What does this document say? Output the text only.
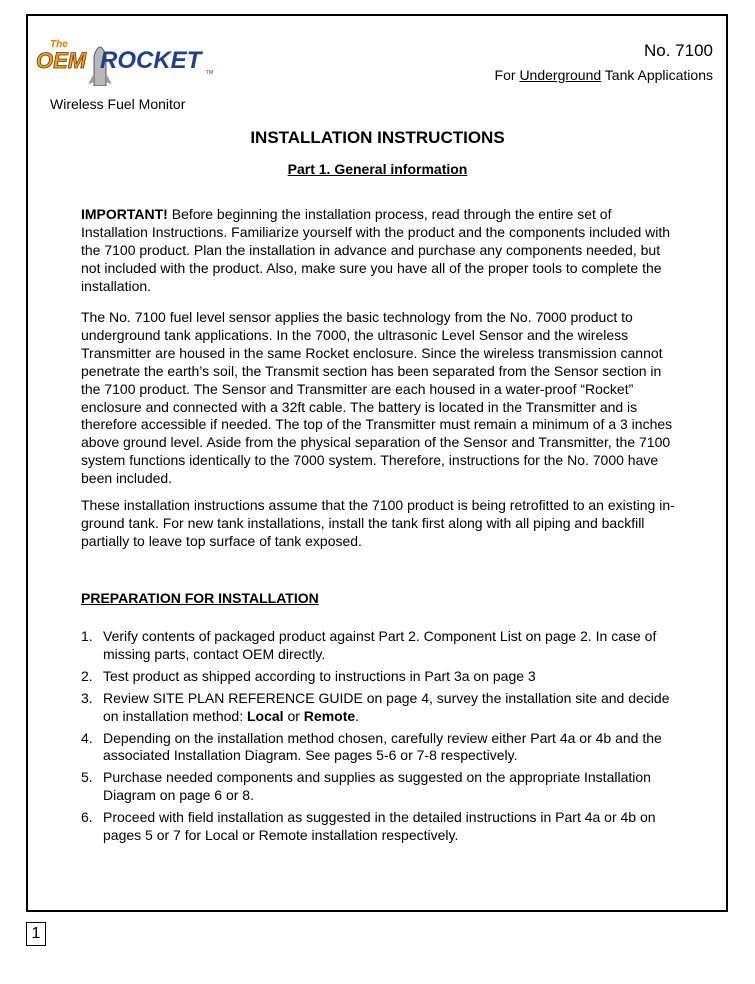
The
OEM ROCKET TM
Wireless Fuel Monitor
No. 7100
For Underground Tank Applications
INSTALLATION INSTRUCTIONS
Part 1. General information
IMPORTANT! Before beginning the installation process, read through the entire set of Installation Instructions. Familiarize yourself with the product and the components included with the 7100 product. Plan the installation in advance and purchase any components needed, but not included with the product. Also, make sure you have all of the proper tools to complete the installation.
The No. 7100 fuel level sensor applies the basic technology from the No. 7000 product to underground tank applications. In the 7000, the ultrasonic Level Sensor and the wireless Transmitter are housed in the same Rocket enclosure. Since the wireless transmission cannot penetrate the earth’s soil, the Transmit section has been separated from the Sensor section in the 7100 product. The Sensor and Transmitter are each housed in a water-proof “Rocket” enclosure and connected with a 32ft cable. The battery is located in the Transmitter and is therefore accessible if needed. The top of the Transmitter must remain a minimum of a 3 inches above ground level. Aside from the physical separation of the Sensor and Transmitter, the 7100 system functions identically to the 7000 system. Therefore, instructions for the No. 7000 have been included.
These installation instructions assume that the 7100 product is being retrofitted to an existing in-ground tank. For new tank installations, install the tank first along with all piping and backfill partially to leave top surface of tank exposed.
PREPARATION FOR INSTALLATION
1. Verify contents of packaged product against Part 2. Component List on page 2. In case of missing parts, contact OEM directly.
2. Test product as shipped according to instructions in Part 3a on page 3
3. Review SITE PLAN REFERENCE GUIDE on page 4, survey the installation site and decide on installation method: Local or Remote.
4. Depending on the installation method chosen, carefully review either Part 4a or 4b and the associated Installation Diagram. See pages 5-6 or 7-8 respectively.
5. Purchase needed components and supplies as suggested on the appropriate Installation Diagram on page 6 or 8.
6. Proceed with field installation as suggested in the detailed instructions in Part 4a or 4b on pages 5 or 7 for Local or Remote installation respectively.
1
